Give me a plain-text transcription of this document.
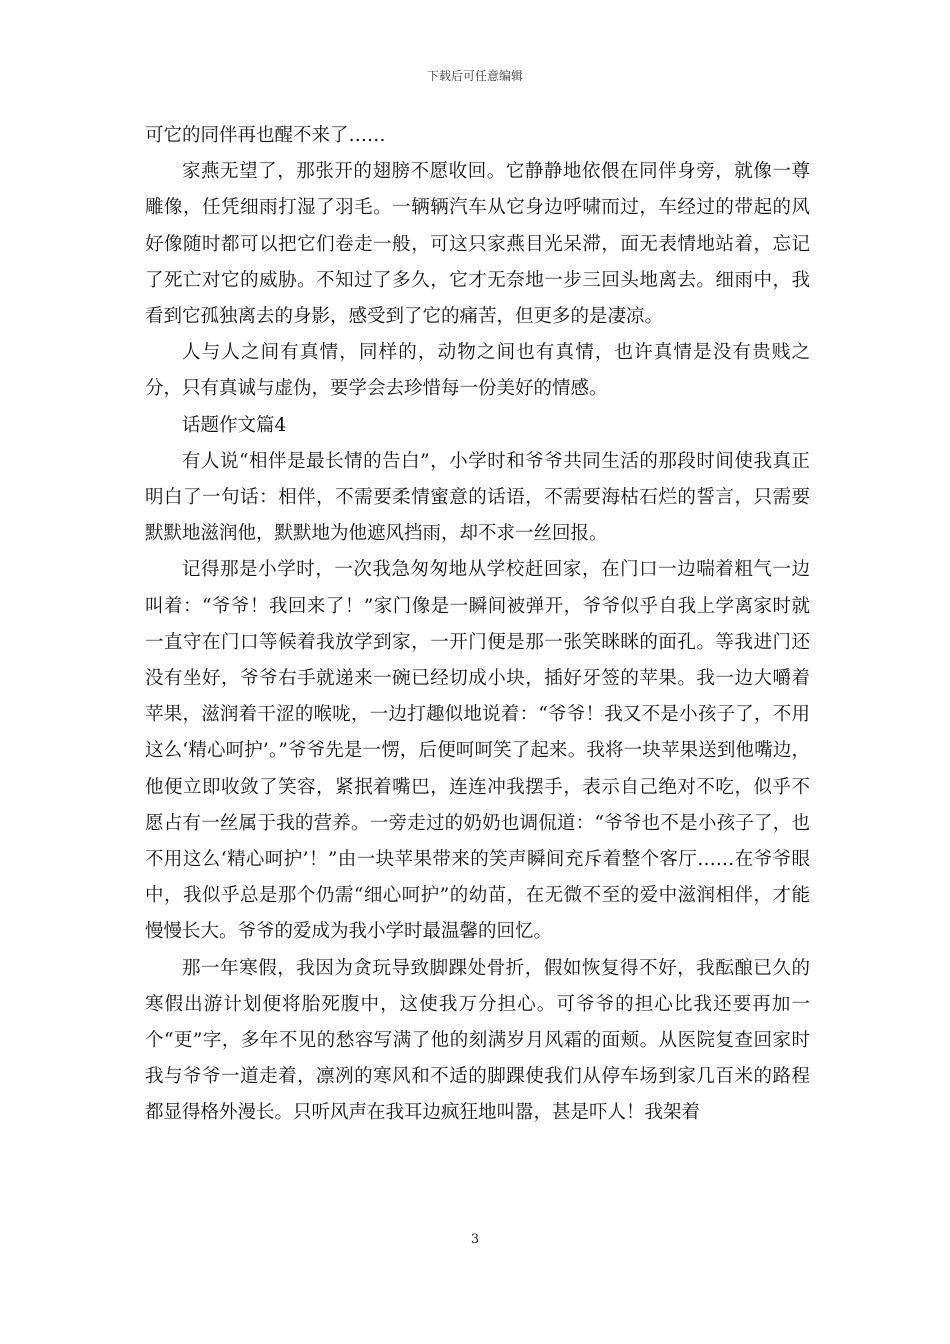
下载后可任意编辑

可它的同伴再也醒不来了……

家燕无望了，那张开的翅膀不愿收回。它静静地依偎在同伴身旁，就像一尊雕像，任凭细雨打湿了羽毛。一辆辆汽车从它身边呼啸而过，车经过的带起的风好像随时都可以把它们卷走一般，可这只家燕目光呆滞，面无表情地站着，忘记了死亡对它的威胁。不知过了多久，它才无奈地一步三回头地离去。细雨中，我看到它孤独离去的身影，感受到了它的痛苦，但更多的是凄凉。

人与人之间有真情，同样的，动物之间也有真情，也许真情是没有贵贱之分，只有真诚与虚伪，要学会去珍惜每一份美好的情感。

话题作文篇4

有人说“相伴是最长情的告白”，小学时和爷爷共同生活的那段时间使我真正明白了一句话：相伴，不需要柔情蜜意的话语，不需要海枯石烂的誓言，只需要默默地滋润他，默默地为他遮风挡雨，却不求一丝回报。

记得那是小学时，一次我急匆匆地从学校赶回家，在门口一边喘着粗气一边叫着：“爷爷！我回来了！”家门像是一瞬间被弹开，爷爷似乎自我上学离家时就一直守在门口等候着我放学到家，一开门便是那一张笑眯眯的面孔。等我进门还没有坐好，爷爷右手就递来一碗已经切成小块，插好牙签的苹果。我一边大嚼着苹果，滋润着干涩的喉咙，一边打趣似地说着：“爷爷！我又不是小孩子了，不用这么‘精心呵护’。”爷爷先是一愣，后便呵呵笑了起来。我将一块苹果送到他嘴边，他便立即收敛了笑容，紧抿着嘴巴，连连冲我摆手，表示自己绝对不吃，似乎不愿占有一丝属于我的营养。一旁走过的奶奶也调侃道：“爷爷也不是小孩子了，也不用这么‘精心呵护’！”由一块苹果带来的笑声瞬间充斥着整个客厅……在爷爷眼中，我似乎总是那个仍需“细心呵护”的幼苗，在无微不至的爱中滋润相伴，才能慢慢长大。爷爷的爱成为我小学时最温馨的回忆。

那一年寒假，我因为贪玩导致脚踝处骨折，假如恢复得不好，我酝酿已久的寒假出游计划便将胎死腹中，这使我万分担心。可爷爷的担心比我还要再加一个“更”字，多年不见的愁容写满了他的刻满岁月风霜的面颊。从医院复查回家时我与爷爷一道走着，凛冽的寒风和不适的脚踝使我们从停车场到家几百米的路程都显得格外漫长。只听风声在我耳边疯狂地叫嚣，甚是吓人！我架着

3
